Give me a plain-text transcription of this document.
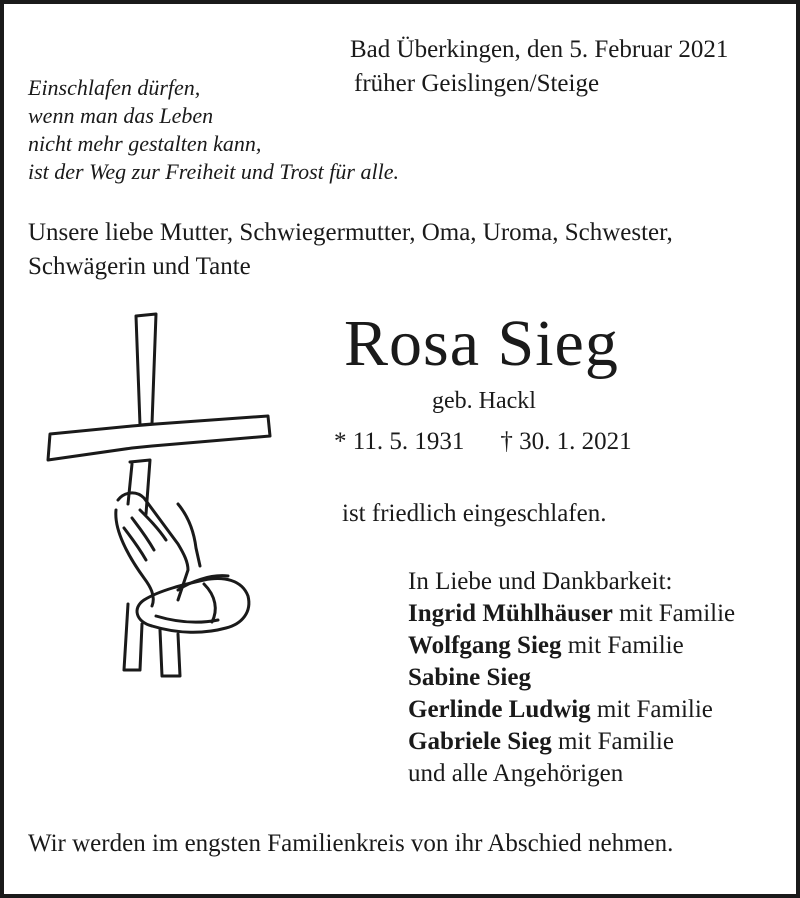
Bad Überkingen, den 5. Februar 2021
früher Geislingen/Steige
Einschlafen dürfen,
wenn man das Leben
nicht mehr gestalten kann,
ist der Weg zur Freiheit und Trost für alle.
Unsere liebe Mutter, Schwiegermutter, Oma, Uroma, Schwester,
Schwägerin und Tante
Rosa Sieg
geb. Hackl
* 11. 5. 1931 † 30. 1. 2021
ist friedlich eingeschlafen.
In Liebe und Dankbarkeit:
Ingrid Mühlhäuser mit Familie
Wolfgang Sieg mit Familie
Sabine Sieg
Gerlinde Ludwig mit Familie
Gabriele Sieg mit Familie
und alle Angehörigen
Wir werden im engsten Familienkreis von ihr Abschied nehmen.
